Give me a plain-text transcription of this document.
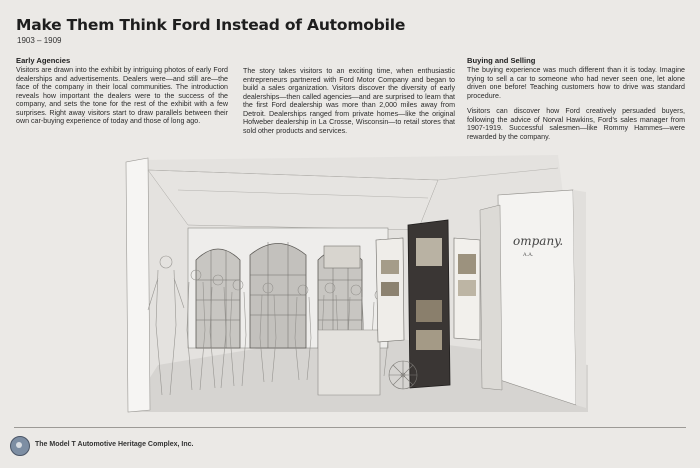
Make Them Think Ford Instead of Automobile
1903 – 1909
Early Agencies

Visitors are drawn into the exhibit by intriguing photos of early Ford dealerships and advertisements. Dealers were—and still are—the face of the company in their local communities. The introduction reveals how important the dealers were to the success of the company, and sets the tone for the rest of the exhibit with a few surprises. Right away visitors start to draw parallels between their own car-buying experience of today and those of long ago.

The story takes visitors to an exciting time, when enthusiastic entrepreneurs partnered with Ford Motor Company and began to build a sales organization. Visitors discover the diversity of early dealerships—then called agencies—and are surprised to learn that the first Ford dealership was more than 2,000 miles away from Detroit. Dealerships ranged from private homes—like the original Hofweber dealership in La Crosse, Wisconsin—to retail stores that sold other products and services.

Buying and Selling

The buying experience was much different than it is today. Imagine trying to sell a car to someone who had never seen one, let alone driven one before! Teaching customers how to drive was standard procedure.

Visitors can discover how Ford creatively persuaded buyers, following the advice of Norval Hawkins, Ford's sales manager from 1907-1919. Successful salesmen—like Rommy Hammes—were rewarded by the company.

ompany.
A.A.
The Model T Automotive Heritage Complex, Inc.
